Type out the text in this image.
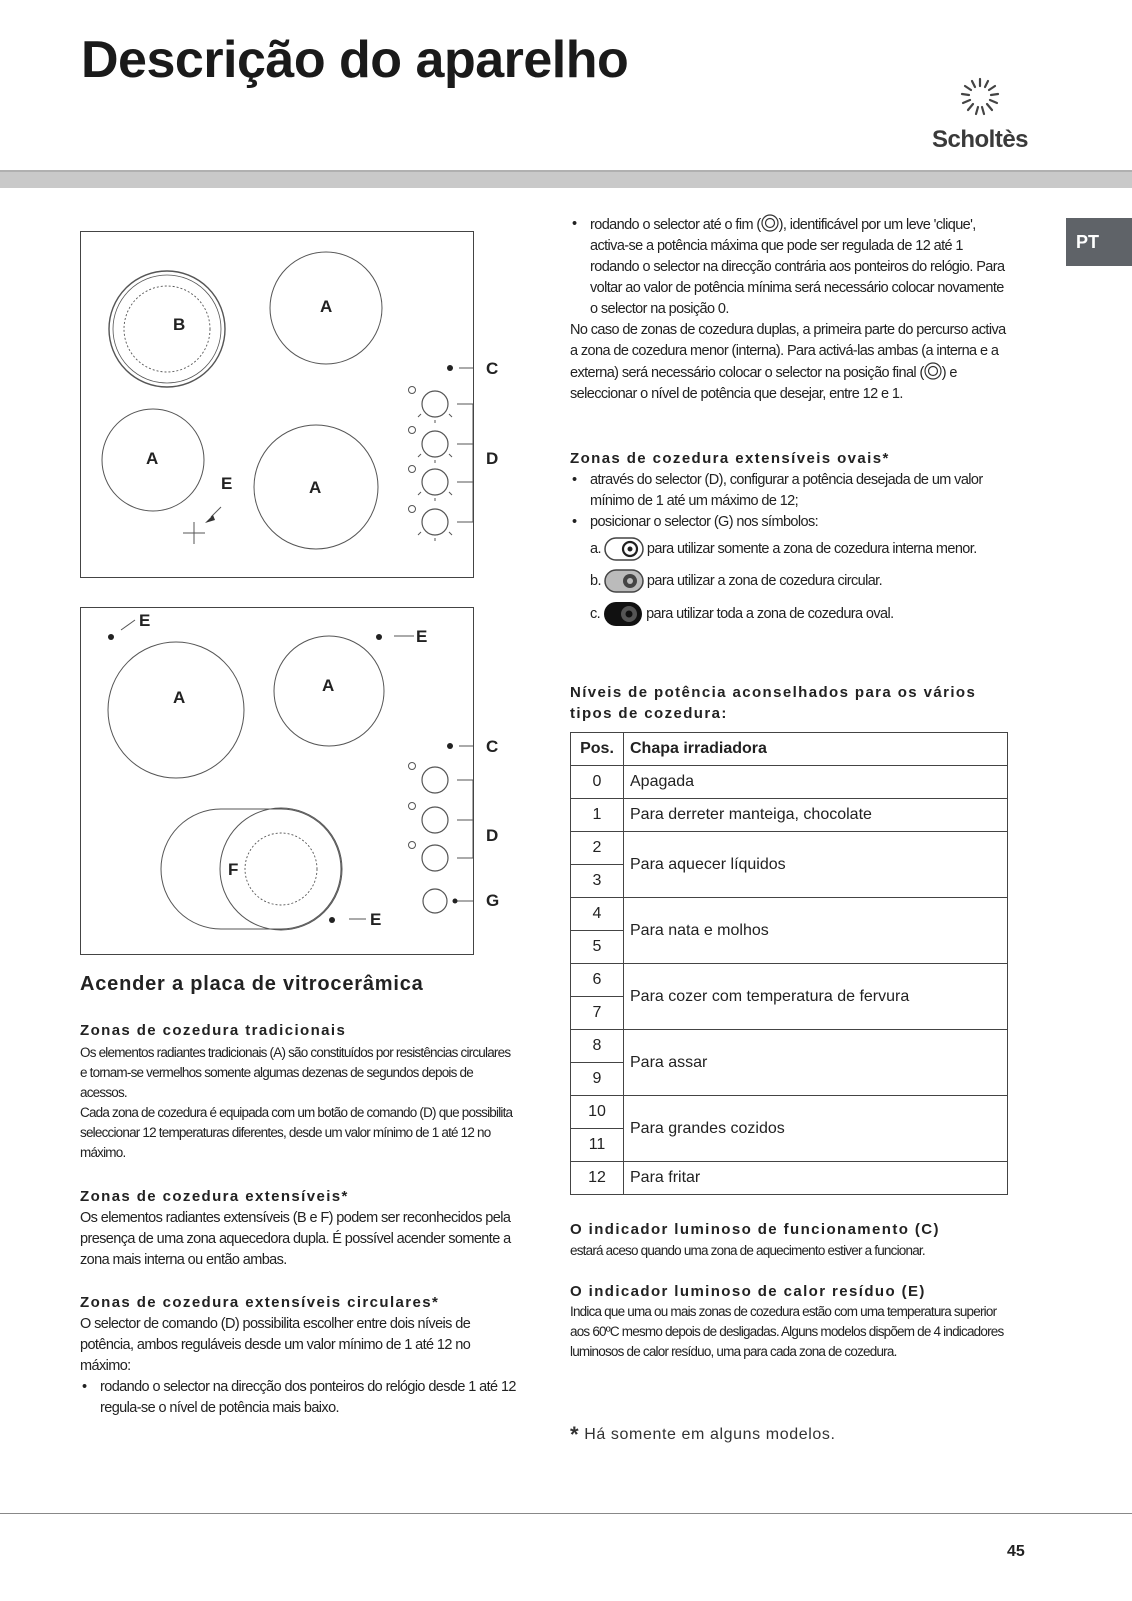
Descrição do aparelho
Scholtès
PT
B
A
A
A
E
C
D
E
E
A
A
C
D
F
G
E
Acender a placa de vitrocerâmica
Zonas de cozedura tradicionais
Os elementos radiantes tradicionais (A) são constituídos por resistências circulares e tornam-se vermelhos somente algumas dezenas de segundos depois de acessos.
Cada zona de cozedura é equipada com um botão de comando (D) que possibilita seleccionar 12 temperaturas diferentes, desde um valor mínimo de 1 até 12 no máximo.
Zonas de cozedura extensíveis*
Os elementos radiantes extensíveis (B e F) podem ser reconhecidos pela presença de uma zona aquecedora dupla. É possível acender somente a zona mais interna ou então ambas.
Zonas de cozedura extensíveis circulares*
O selector de comando (D) possibilita escolher entre dois níveis de potência, ambos reguláveis desde um valor mínimo de 1 até 12 no máximo:
• rodando o selector na direcção dos ponteiros do relógio desde 1 até 12 regula-se o nível de potência mais baixo.
• rodando o selector até o fim ( ), identificável por um leve 'clique', activa-se a potência máxima que pode ser regulada de 12 até 1 rodando o selector na direcção contrária aos ponteiros do relógio. Para voltar ao valor de potência mínima será necessário colocar novamente o selector na posição 0.
No caso de zonas de cozedura duplas, a primeira parte do percurso activa a zona de cozedura menor (interna). Para activá-las ambas (a interna e a externa) será necessário colocar o selector na posição final ( ) e seleccionar o nível de potência que desejar, entre 12 e 1.
Zonas de cozedura extensíveis ovais*
• através do selector (D), configurar a potência desejada de um valor mínimo de 1 até um máximo de 12;
• posicionar o selector (G) nos símbolos:
a.	para utilizar somente a zona de cozedura interna menor.
b.	para utilizar a zona de cozedura circular.
c.	para utilizar toda a zona de cozedura oval.
Níveis de potência aconselhados para os vários tipos de cozedura:
Pos.	Chapa irradiadora
0	Apagada
1	Para derreter manteiga, chocolate
2	Para aquecer líquidos
3	
4	Para nata e molhos
5	
6	Para cozer com temperatura de fervura
7	
8	Para assar
9	
10	Para grandes cozidos
11	
12	Para fritar
O indicador luminoso de funcionamento (C)
estará aceso quando uma zona de aquecimento estiver a funcionar.
O indicador luminoso de calor resíduo (E)
Indica que uma ou mais zonas de cozedura estão com uma temperatura superior aos 60ºC mesmo depois de desligadas. Alguns modelos dispõem de 4 indicadores luminosos de calor resíduo, uma para cada zona de cozedura.
* Há somente em alguns modelos.
45
